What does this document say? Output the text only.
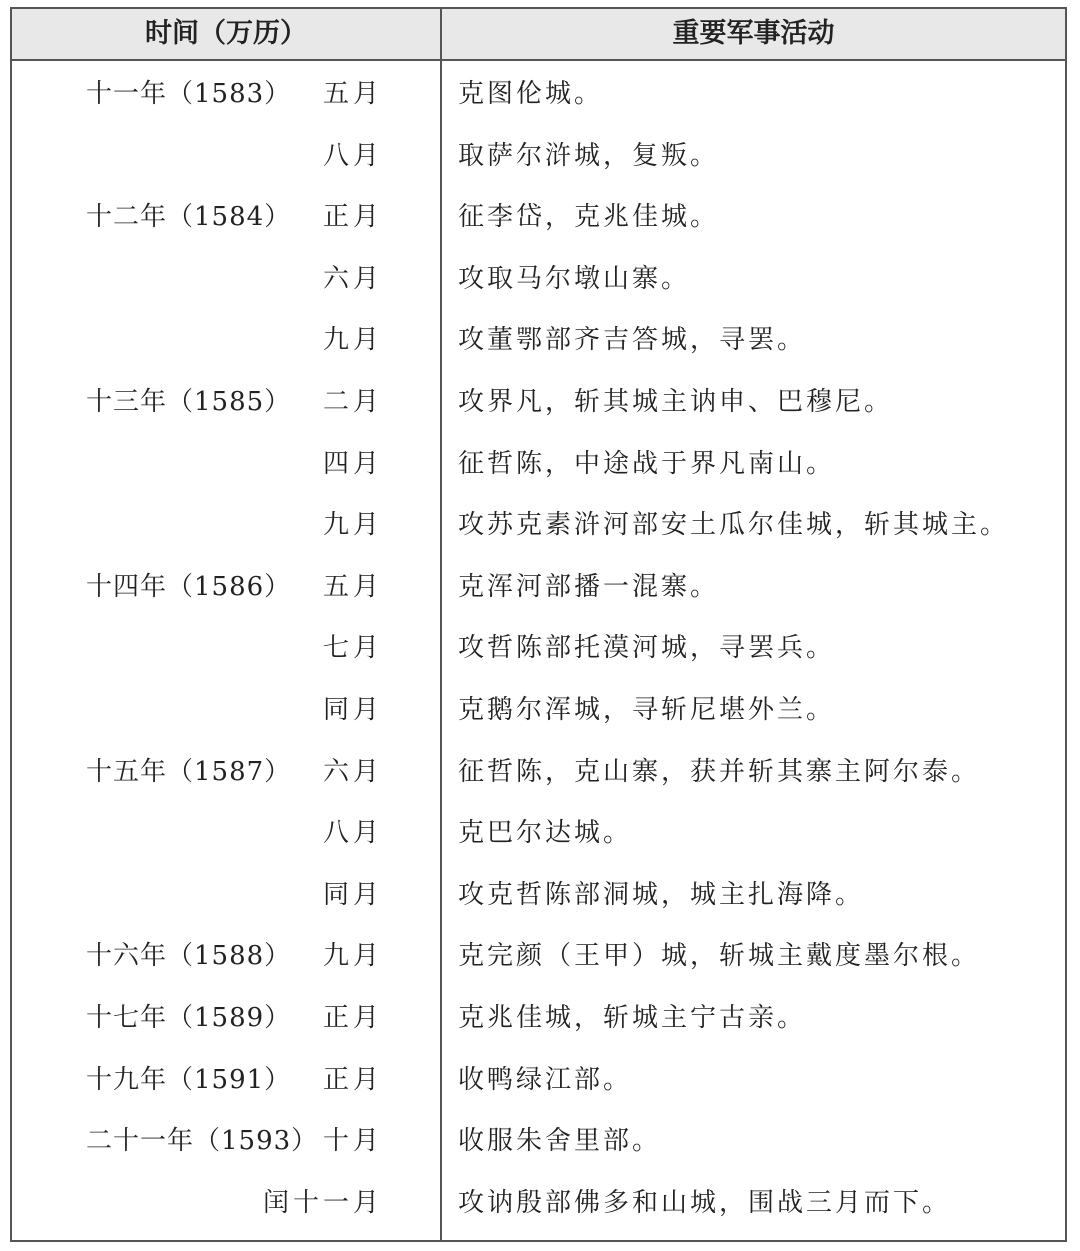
时间（万历）	重要军事活动
十一年（1583） 五月	克图伦城。
八月	取萨尔浒城，复叛。
十二年（1584） 正月	征李岱，克兆佳城。
六月	攻取马尔墩山寨。
九月	攻董鄂部齐吉答城，寻罢。
十三年（1585） 二月	攻界凡，斩其城主讷申、巴穆尼。
四月	征哲陈，中途战于界凡南山。
九月	攻苏克素浒河部安土瓜尔佳城，斩其城主。
十四年（1586） 五月	克浑河部播一混寨。
七月	攻哲陈部托漠河城，寻罢兵。
同月	克鹅尔浑城，寻斩尼堪外兰。
十五年（1587） 六月	征哲陈，克山寨，获并斩其寨主阿尔泰。
八月	克巴尔达城。
同月	攻克哲陈部洞城，城主扎海降。
十六年（1588） 九月	克完颜（王甲）城，斩城主戴度墨尔根。
十七年（1589） 正月	克兆佳城，斩城主宁古亲。
十九年（1591） 正月	收鸭绿江部。
二十一年（1593） 十月	收服朱舍里部。
闰十一月	攻讷殷部佛多和山城，围战三月而下。
